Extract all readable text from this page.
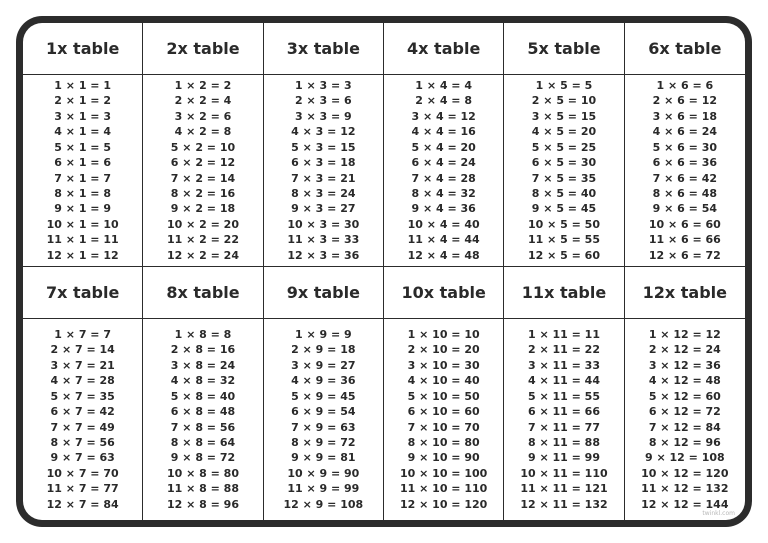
1x table	2x table	3x table	4x table	5x table	6x table
1 × 1 = 1
2 × 1 = 2
3 × 1 = 3
4 × 1 = 4
5 × 1 = 5
6 × 1 = 6
7 × 1 = 7
8 × 1 = 8
9 × 1 = 9
10 × 1 = 10
11 × 1 = 11
12 × 1 = 12
1 × 2 = 2
2 × 2 = 4
3 × 2 = 6
4 × 2 = 8
5 × 2 = 10
6 × 2 = 12
7 × 2 = 14
8 × 2 = 16
9 × 2 = 18
10 × 2 = 20
11 × 2 = 22
12 × 2 = 24
1 × 3 = 3
2 × 3 = 6
3 × 3 = 9
4 × 3 = 12
5 × 3 = 15
6 × 3 = 18
7 × 3 = 21
8 × 3 = 24
9 × 3 = 27
10 × 3 = 30
11 × 3 = 33
12 × 3 = 36
1 × 4 = 4
2 × 4 = 8
3 × 4 = 12
4 × 4 = 16
5 × 4 = 20
6 × 4 = 24
7 × 4 = 28
8 × 4 = 32
9 × 4 = 36
10 × 4 = 40
11 × 4 = 44
12 × 4 = 48
1 × 5 = 5
2 × 5 = 10
3 × 5 = 15
4 × 5 = 20
5 × 5 = 25
6 × 5 = 30
7 × 5 = 35
8 × 5 = 40
9 × 5 = 45
10 × 5 = 50
11 × 5 = 55
12 × 5 = 60
1 × 6 = 6
2 × 6 = 12
3 × 6 = 18
4 × 6 = 24
5 × 6 = 30
6 × 6 = 36
7 × 6 = 42
8 × 6 = 48
9 × 6 = 54
10 × 6 = 60
11 × 6 = 66
12 × 6 = 72
7x table	8x table	9x table	10x table	11x table	12x table
1 × 7 = 7
2 × 7 = 14
3 × 7 = 21
4 × 7 = 28
5 × 7 = 35
6 × 7 = 42
7 × 7 = 49
8 × 7 = 56
9 × 7 = 63
10 × 7 = 70
11 × 7 = 77
12 × 7 = 84
1 × 8 = 8
2 × 8 = 16
3 × 8 = 24
4 × 8 = 32
5 × 8 = 40
6 × 8 = 48
7 × 8 = 56
8 × 8 = 64
9 × 8 = 72
10 × 8 = 80
11 × 8 = 88
12 × 8 = 96
1 × 9 = 9
2 × 9 = 18
3 × 9 = 27
4 × 9 = 36
5 × 9 = 45
6 × 9 = 54
7 × 9 = 63
8 × 9 = 72
9 × 9 = 81
10 × 9 = 90
11 × 9 = 99
12 × 9 = 108
1 × 10 = 10
2 × 10 = 20
3 × 10 = 30
4 × 10 = 40
5 × 10 = 50
6 × 10 = 60
7 × 10 = 70
8 × 10 = 80
9 × 10 = 90
10 × 10 = 100
11 × 10 = 110
12 × 10 = 120
1 × 11 = 11
2 × 11 = 22
3 × 11 = 33
4 × 11 = 44
5 × 11 = 55
6 × 11 = 66
7 × 11 = 77
8 × 11 = 88
9 × 11 = 99
10 × 11 = 110
11 × 11 = 121
12 × 11 = 132
1 × 12 = 12
2 × 12 = 24
3 × 12 = 36
4 × 12 = 48
5 × 12 = 60
6 × 12 = 72
7 × 12 = 84
8 × 12 = 96
9 × 12 = 108
10 × 12 = 120
11 × 12 = 132
12 × 12 = 144
twinkl.com
